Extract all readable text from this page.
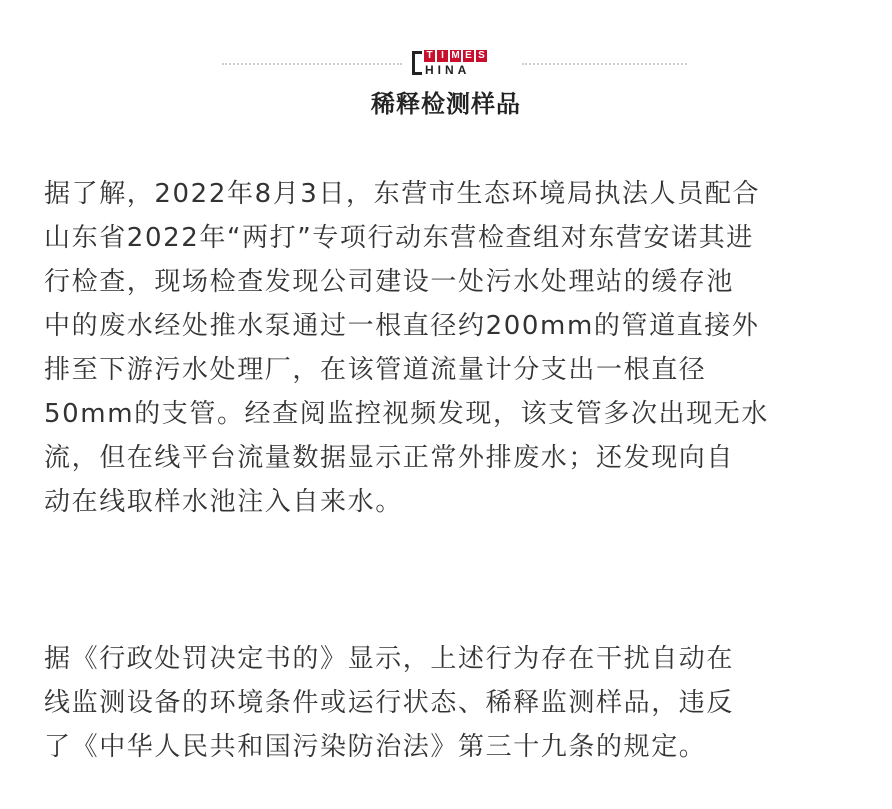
T I M E S
HINA
稀释检测样品
据了解，2022年8月3日，东营市生态环境局执法人员配合
山东省2022年“两打”专项行动东营检查组对东营安诺其进
行检查，现场检查发现公司建设一处污水处理站的缓存池
中的废水经处推水泵通过一根直径约200mm的管道直接外
排至下游污水处理厂，在该管道流量计分支出一根直径
50mm的支管。经查阅监控视频发现，该支管多次出现无水
流，但在线平台流量数据显示正常外排废水；还发现向自
动在线取样水池注入自来水。
据《行政处罚决定书的》显示，上述行为存在干扰自动在
线监测设备的环境条件或运行状态、稀释监测样品，违反
了《中华人民共和国污染防治法》第三十九条的规定。
